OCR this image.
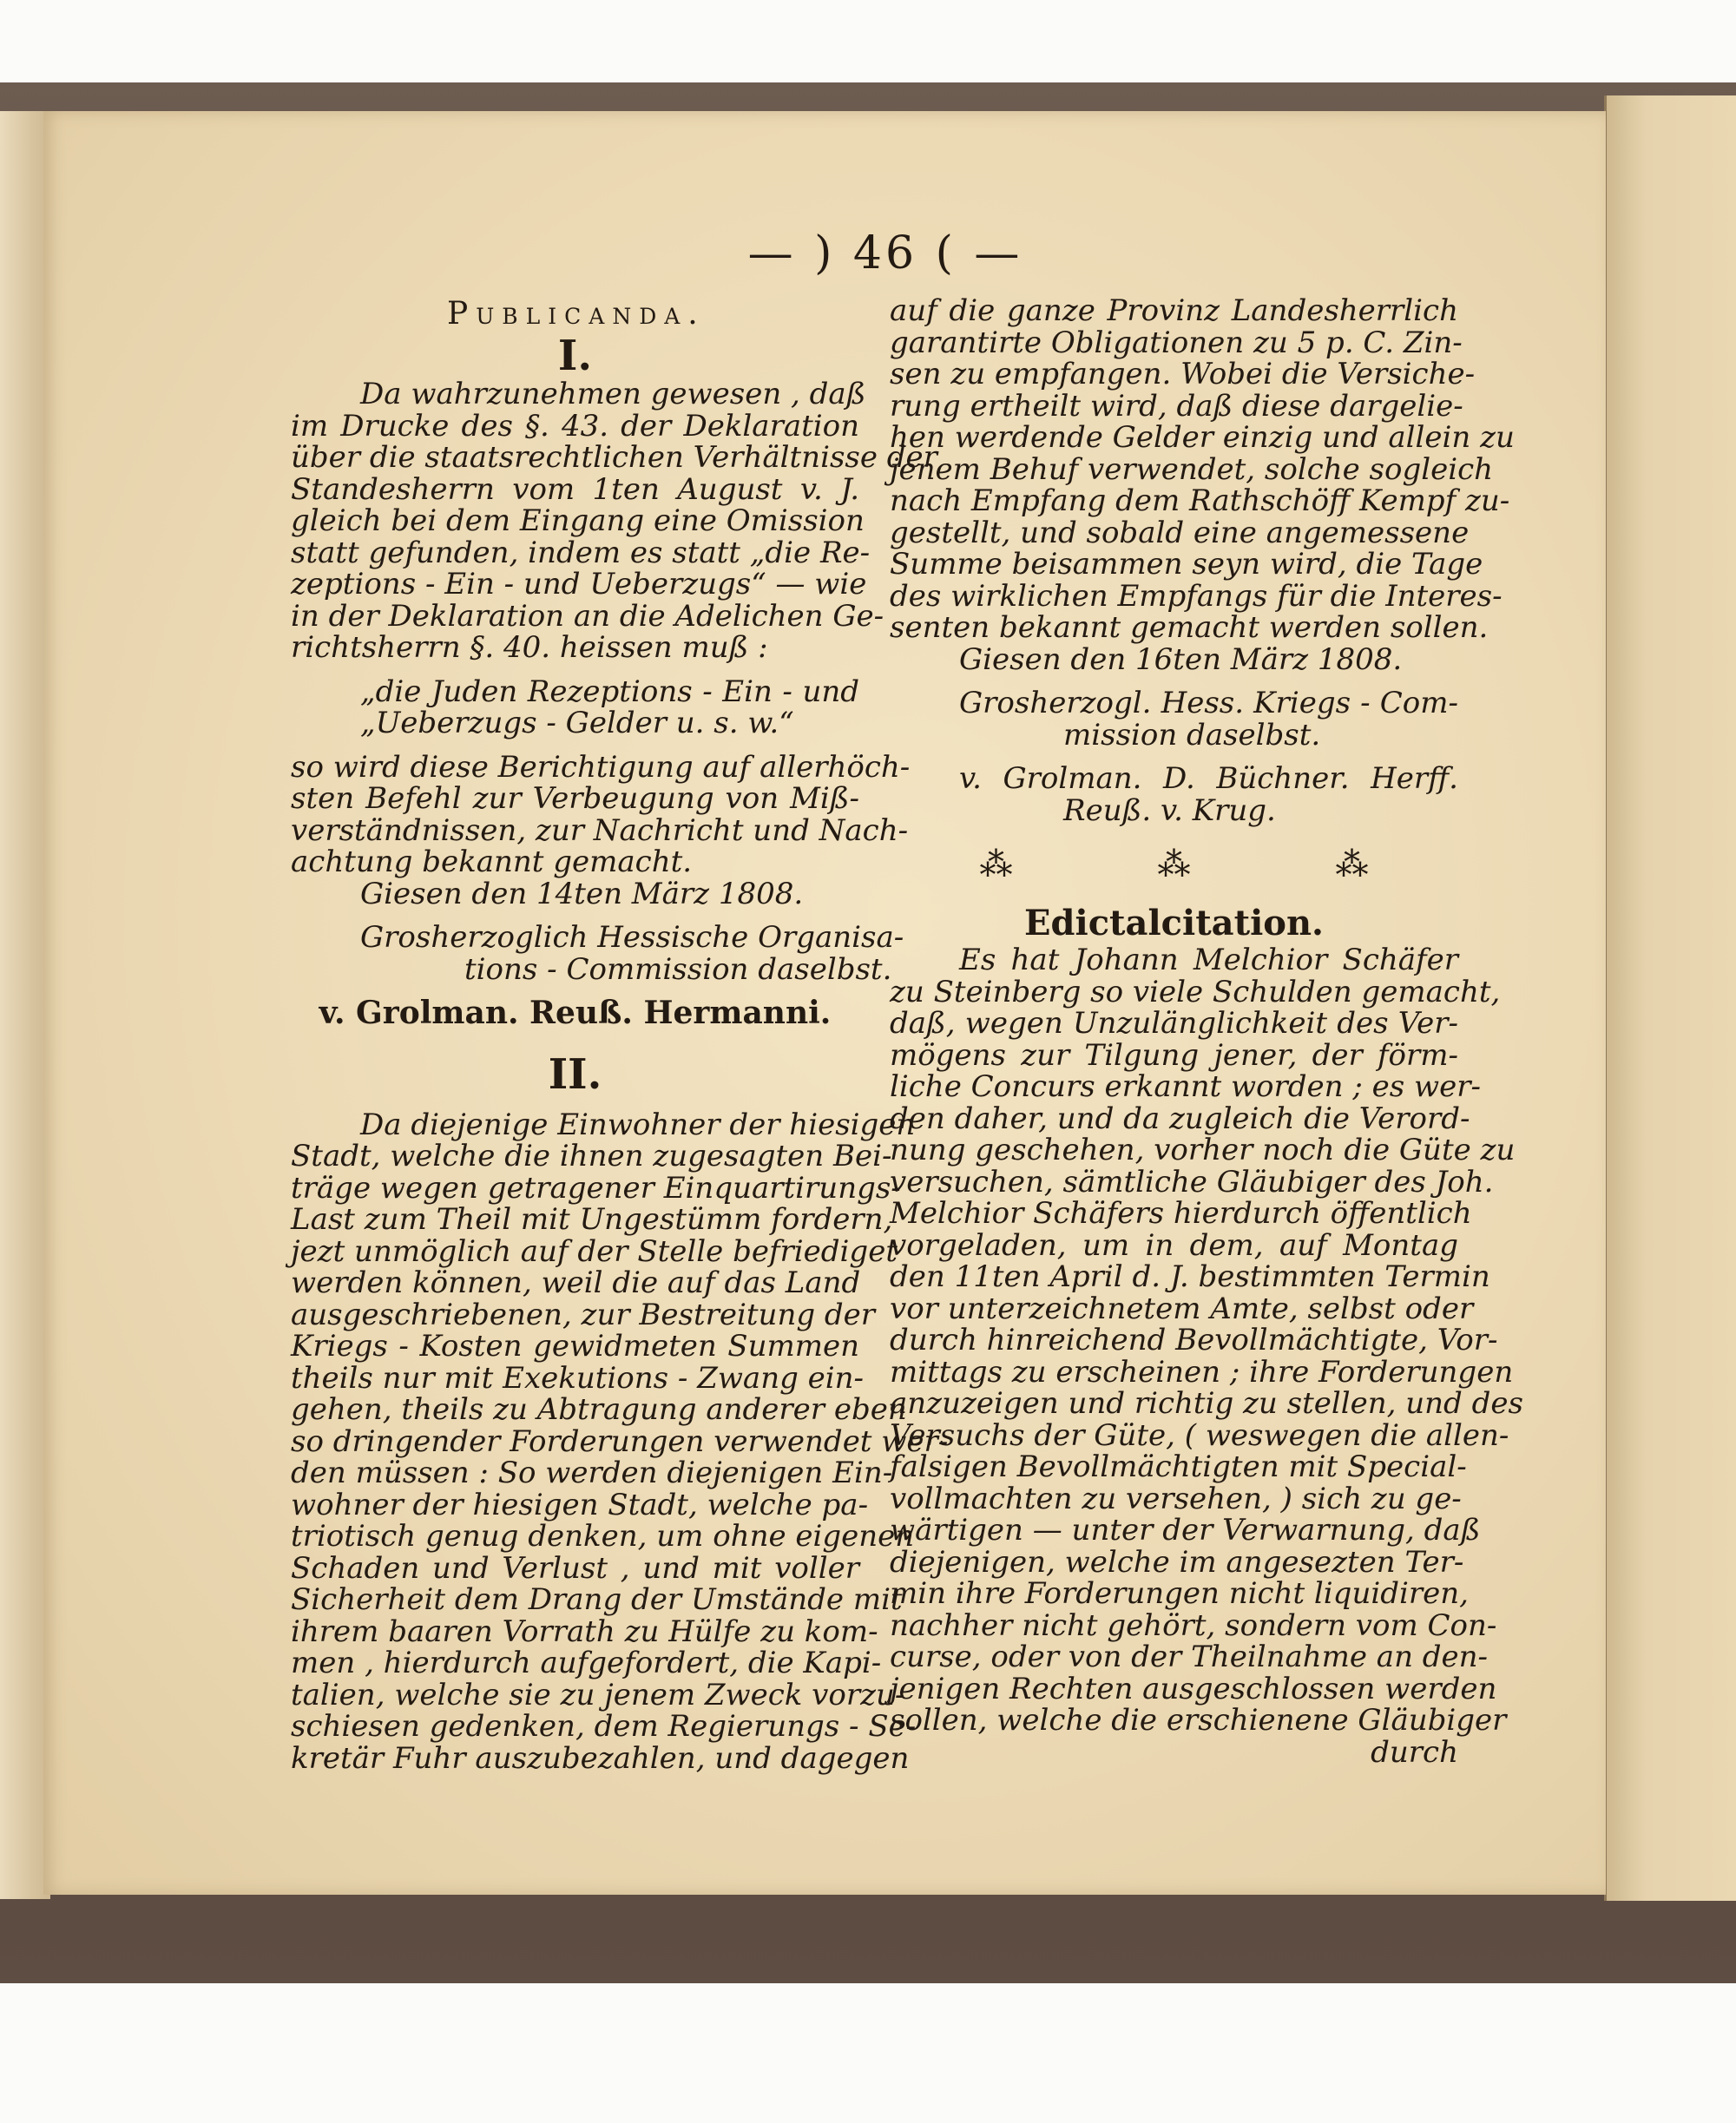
— ) 46 ( —
Publicanda.
I.
Da wahrzunehmen gewesen , daß
im Drucke des §. 43. der Deklaration
über die staatsrechtlichen Verhältnisse der
Standesherrn vom 1ten August v. J.
gleich bei dem Eingang eine Omission
statt gefunden, indem es statt „die Re-
zeptions - Ein - und Ueberzugs“ — wie
in der Deklaration an die Adelichen Ge-
richtsherrn §. 40. heissen muß :
„die Juden Rezeptions - Ein - und
„Ueberzugs - Gelder u. s. w.“
so wird diese Berichtigung auf allerhöch-
sten Befehl zur Verbeugung von Miß-
verständnissen, zur Nachricht und Nach-
achtung bekannt gemacht.
Giesen den 14ten März 1808.
Grosherzoglich Hessische Organisa-
tions - Commission daselbst.
v. Grolman. Reuß. Hermanni.
II.
Da diejenige Einwohner der hiesigen
Stadt, welche die ihnen zugesagten Bei-
träge wegen getragener Einquartirungs-
Last zum Theil mit Ungestümm fordern,
jezt unmöglich auf der Stelle befriediget
werden können, weil die auf das Land
ausgeschriebenen, zur Bestreitung der
Kriegs - Kosten gewidmeten Summen
theils nur mit Exekutions - Zwang ein-
gehen, theils zu Abtragung anderer eben
so dringender Forderungen verwendet wer-
den müssen : So werden diejenigen Ein-
wohner der hiesigen Stadt, welche pa-
triotisch genug denken, um ohne eigenen
Schaden und Verlust , und mit voller
Sicherheit dem Drang der Umstände mit
ihrem baaren Vorrath zu Hülfe zu kom-
men , hierdurch aufgefordert, die Kapi-
talien, welche sie zu jenem Zweck vorzu-
schiesen gedenken, dem Regierungs - Se-
kretär Fuhr auszubezahlen, und dagegen
auf die ganze Provinz Landesherrlich
garantirte Obligationen zu 5 p. C. Zin-
sen zu empfangen. Wobei die Versiche-
rung ertheilt wird, daß diese dargelie-
hen werdende Gelder einzig und allein zu
jenem Behuf verwendet, solche sogleich
nach Empfang dem Rathschöff Kempf zu-
gestellt, und sobald eine angemessene
Summe beisammen seyn wird, die Tage
des wirklichen Empfangs für die Interes-
senten bekannt gemacht werden sollen.
Giesen den 16ten März 1808.
Grosherzogl. Hess. Kriegs - Com-
mission daselbst.
v. Grolman. D. Büchner. Herff.
Reuß. v. Krug.
⁂	⁂	⁂
Edictalcitation.
Es hat Johann Melchior Schäfer
zu Steinberg so viele Schulden gemacht,
daß, wegen Unzulänglichkeit des Ver-
mögens zur Tilgung jener, der förm-
liche Concurs erkannt worden ; es wer-
den daher, und da zugleich die Verord-
nung geschehen, vorher noch die Güte zu
versuchen, sämtliche Gläubiger des Joh.
Melchior Schäfers hierdurch öffentlich
vorgeladen, um in dem, auf Montag
den 11ten April d. J. bestimmten Termin
vor unterzeichnetem Amte, selbst oder
durch hinreichend Bevollmächtigte, Vor-
mittags zu erscheinen ; ihre Forderungen
anzuzeigen und richtig zu stellen, und des
Versuchs der Güte, ( weswegen die allen-
falsigen Bevollmächtigten mit Special-
vollmachten zu versehen, ) sich zu ge-
wärtigen — unter der Verwarnung, daß
diejenigen, welche im angesezten Ter-
min ihre Forderungen nicht liquidiren,
nachher nicht gehört, sondern vom Con-
curse, oder von der Theilnahme an den-
jenigen Rechten ausgeschlossen werden
sollen, welche die erschienene Gläubiger
durch
